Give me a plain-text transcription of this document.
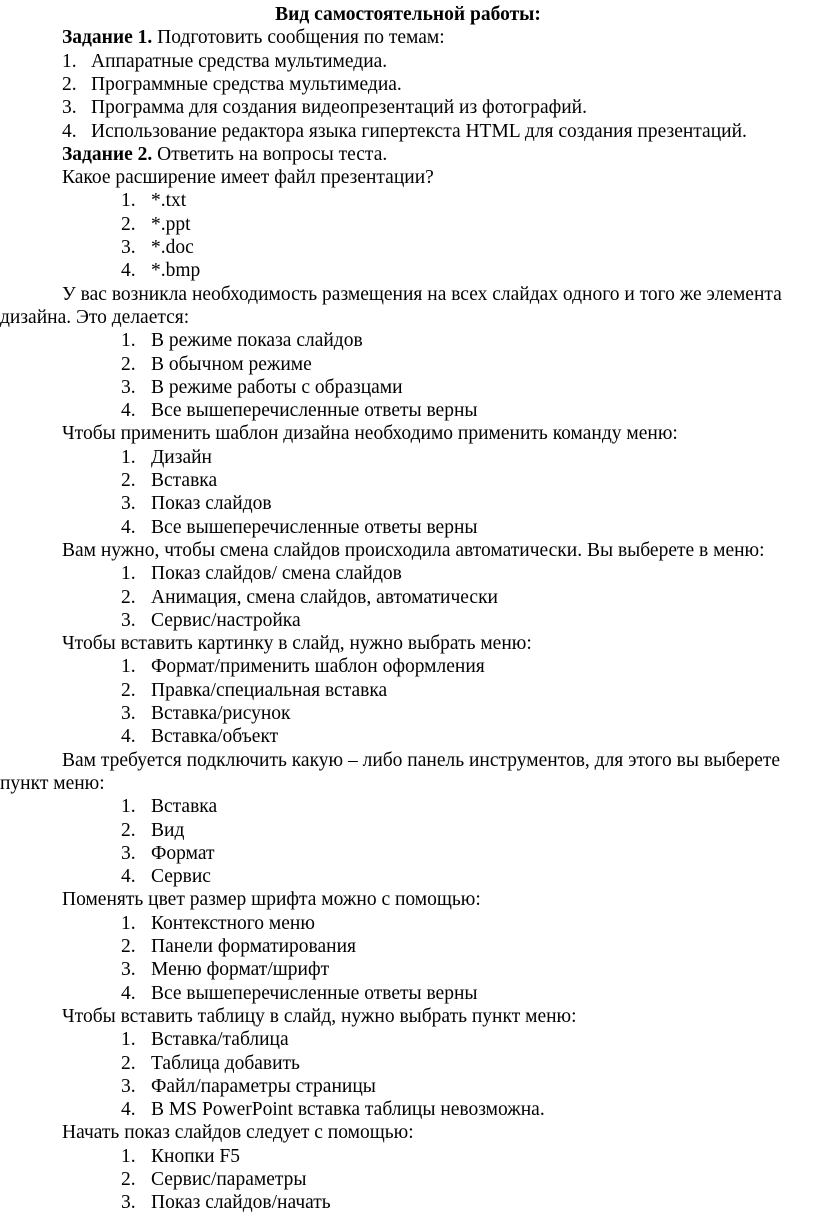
Вид самостоятельной работы:
Задание 1. Подготовить сообщения по темам:
1. Аппаратные средства мультимедиа.
2. Программные средства мультимедиа.
3. Программа для создания видеопрезентаций из фотографий.
4. Использование редактора языка гипертекста HTML для создания презентаций.
Задание 2. Ответить на вопросы теста.
Какое расширение имеет файл презентации?
1. *.txt
2. *.ppt
3. *.doc
4. *.bmp
У вас возникла необходимость размещения на всех слайдах одного и того же элемента
дизайна. Это делается:
1. В режиме показа слайдов
2. В обычном режиме
3. В режиме работы с образцами
4. Все вышеперечисленные ответы верны
Чтобы применить шаблон дизайна необходимо применить команду меню:
1. Дизайн
2. Вставка
3. Показ слайдов
4. Все вышеперечисленные ответы верны
Вам нужно, чтобы смена слайдов происходила автоматически. Вы выберете в меню:
1. Показ слайдов/ смена слайдов
2. Анимация, смена слайдов, автоматически
3. Сервис/настройка
Чтобы вставить картинку в слайд, нужно выбрать меню:
1. Формат/применить шаблон оформления
2. Правка/специальная вставка
3. Вставка/рисунок
4. Вставка/объект
Вам требуется подключить какую – либо панель инструментов, для этого вы выберете
пункт меню:
1. Вставка
2. Вид
3. Формат
4. Сервис
Поменять цвет размер шрифта можно с помощью:
1. Контекстного меню
2. Панели форматирования
3. Меню формат/шрифт
4. Все вышеперечисленные ответы верны
Чтобы вставить таблицу в слайд, нужно выбрать пункт меню:
1. Вставка/таблица
2. Таблица добавить
3. Файл/параметры страницы
4. В MS PowerPoint вставка таблицы невозможна.
Начать показ слайдов следует с помощью:
1. Кнопки F5
2. Сервис/параметры
3. Показ слайдов/начать
